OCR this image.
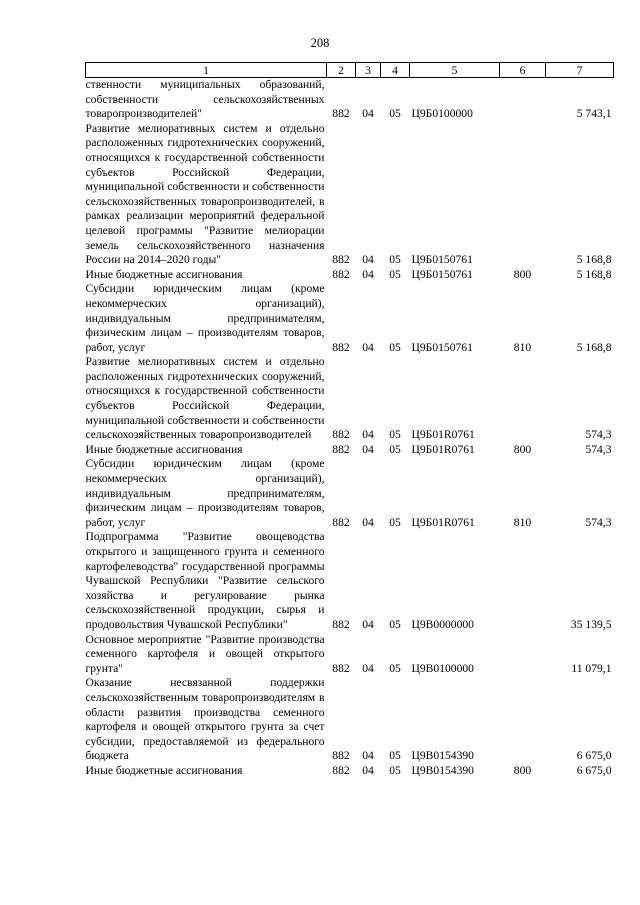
208
1	2	3	4	5	6	7
ственности муниципальных образований, собственности сельскохозяйственных товаропроизводителей"	882	04	05	Ц9Б0100000		5 743,1
Развитие мелиоративных систем и отдельно расположенных гидротехнических сооружений, относящихся к государственной собственности субъектов Российской Федерации, муниципальной собственности и собственности сельскохозяйственных товаропроизводителей, в рамках реализации мероприятий федеральной целевой программы "Развитие мелиорации земель сельскохозяйственного назначения России на 2014–2020 годы"	882	04	05	Ц9Б0150761		5 168,8
Иные бюджетные ассигнования	882	04	05	Ц9Б0150761	800	5 168,8
Субсидии юридическим лицам (кроме некоммерческих организаций), индивидуальным предпринимателям, физическим лицам – производителям товаров, работ, услуг	882	04	05	Ц9Б0150761	810	5 168,8
Развитие мелиоративных систем и отдельно расположенных гидротехнических сооружений, относящихся к государственной собственности субъектов Российской Федерации, муниципальной собственности и собственности сельскохозяйственных товаропроизводителей	882	04	05	Ц9Б01R0761		574,3
Иные бюджетные ассигнования	882	04	05	Ц9Б01R0761	800	574,3
Субсидии юридическим лицам (кроме некоммерческих организаций), индивидуальным предпринимателям, физическим лицам – производителям товаров, работ, услуг	882	04	05	Ц9Б01R0761	810	574,3
Подпрограмма "Развитие овощеводства открытого и защищенного грунта и семенного картофелеводства" государственной программы Чувашской Республики "Развитие сельского хозяйства и регулирование рынка сельскохозяйственной продукции, сырья и продовольствия Чувашской Республики"	882	04	05	Ц9В0000000		35 139,5
Основное мероприятие "Развитие производства семенного картофеля и овощей открытого грунта"	882	04	05	Ц9В0100000		11 079,1
Оказание несвязанной поддержки сельскохозяйственным товаропроизводителям в области развития производства семенного картофеля и овощей открытого грунта за счет субсидии, предоставляемой из федерального бюджета	882	04	05	Ц9В0154390		6 675,0
Иные бюджетные ассигнования	882	04	05	Ц9В0154390	800	6 675,0
